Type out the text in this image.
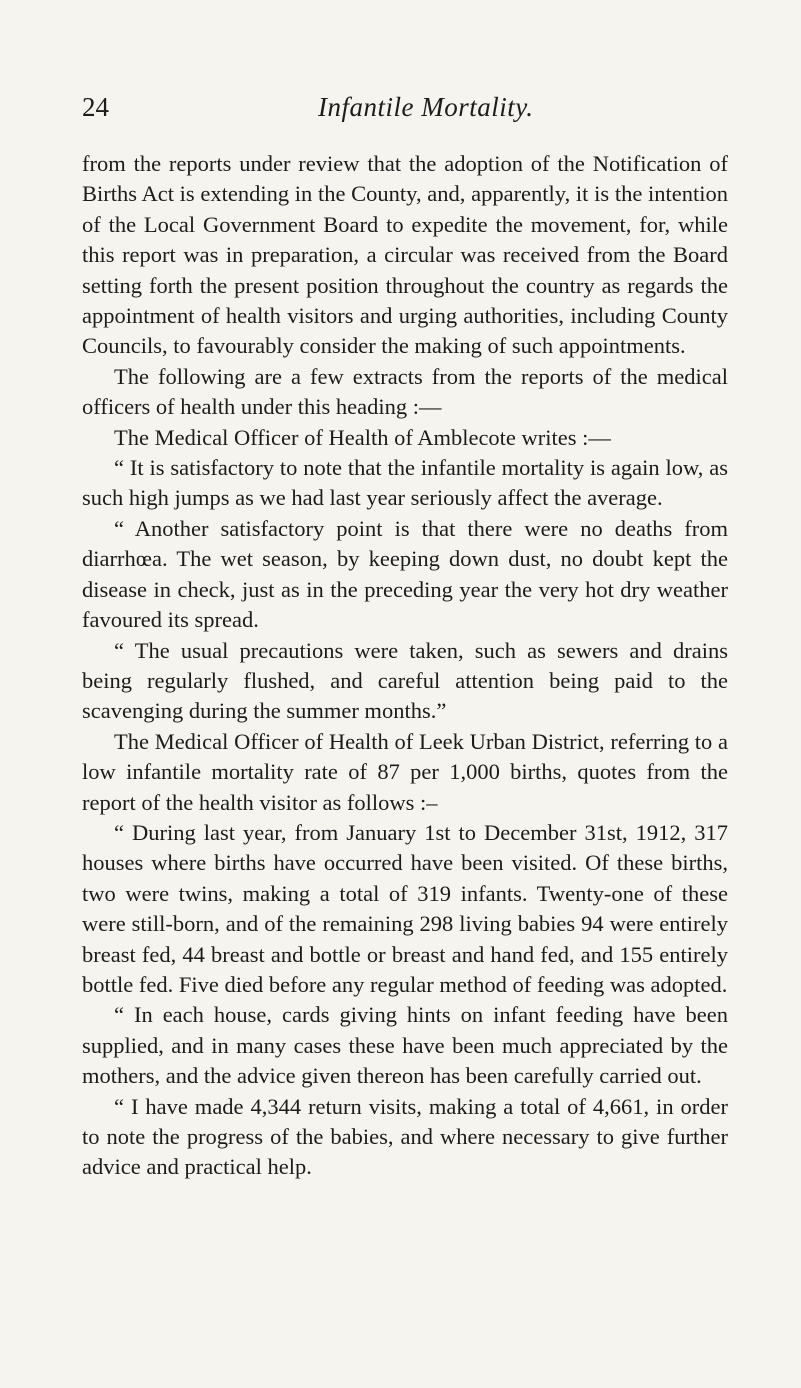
24	Infantile Mortality.

from the reports under review that the adoption of the Notification of Births Act is extending in the County, and, apparently, it is the intention of the Local Government Board to expedite the movement, for, while this report was in preparation, a circular was received from the Board setting forth the present position throughout the country as regards the appointment of health visitors and urging authorities, including County Councils, to favourably consider the making of such appointments.

The following are a few extracts from the reports of the medical officers of health under this heading :—

The Medical Officer of Health of Amblecote writes :—

“ It is satisfactory to note that the infantile mortality is again low, as such high jumps as we had last year seriously affect the average.

“ Another satisfactory point is that there were no deaths from diarrhœa. The wet season, by keeping down dust, no doubt kept the disease in check, just as in the preceding year the very hot dry weather favoured its spread.

“ The usual precautions were taken, such as sewers and drains being regularly flushed, and careful attention being paid to the scavenging during the summer months.”

The Medical Officer of Health of Leek Urban District, referring to a low infantile mortality rate of 87 per 1,000 births, quotes from the report of the health visitor as follows :–

“ During last year, from January 1st to December 31st, 1912, 317 houses where births have occurred have been visited. Of these births, two were twins, making a total of 319 infants. Twenty-one of these were still-born, and of the remaining 298 living babies 94 were entirely breast fed, 44 breast and bottle or breast and hand fed, and 155 entirely bottle fed. Five died before any regular method of feeding was adopted.

“ In each house, cards giving hints on infant feeding have been supplied, and in many cases these have been much appreciated by the mothers, and the advice given thereon has been carefully carried out.

“ I have made 4,344 return visits, making a total of 4,661, in order to note the progress of the babies, and where necessary to give further advice and practical help.
